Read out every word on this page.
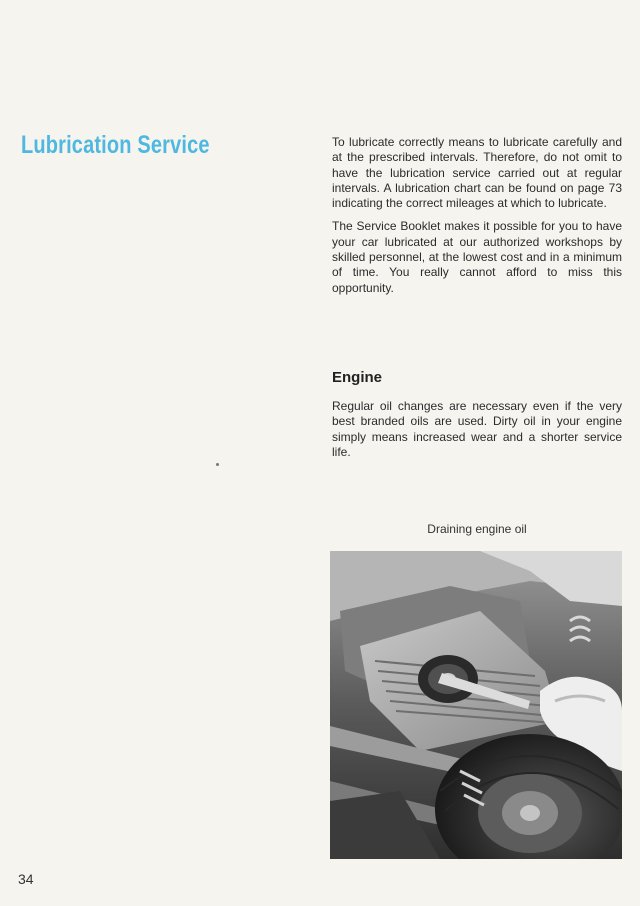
Lubrication Service	To lubricate correctly means to lubricate carefully and at the prescribed intervals. Therefore, do not omit to have the lubrication service carried out at regular intervals. A lubrication chart can be found on page 73 indicating the correct mileages at which to lubricate.

The Service Booklet makes it possible for you to have your car lubricated at our authorized workshops by skilled personnel, at the lowest cost and in a minimum of time. You really cannot afford to miss this opportunity.

Engine

Regular oil changes are necessary even if the very best branded oils are used. Dirty oil in your engine simply means increased wear and a shorter service life.

Draining engine oil
34
